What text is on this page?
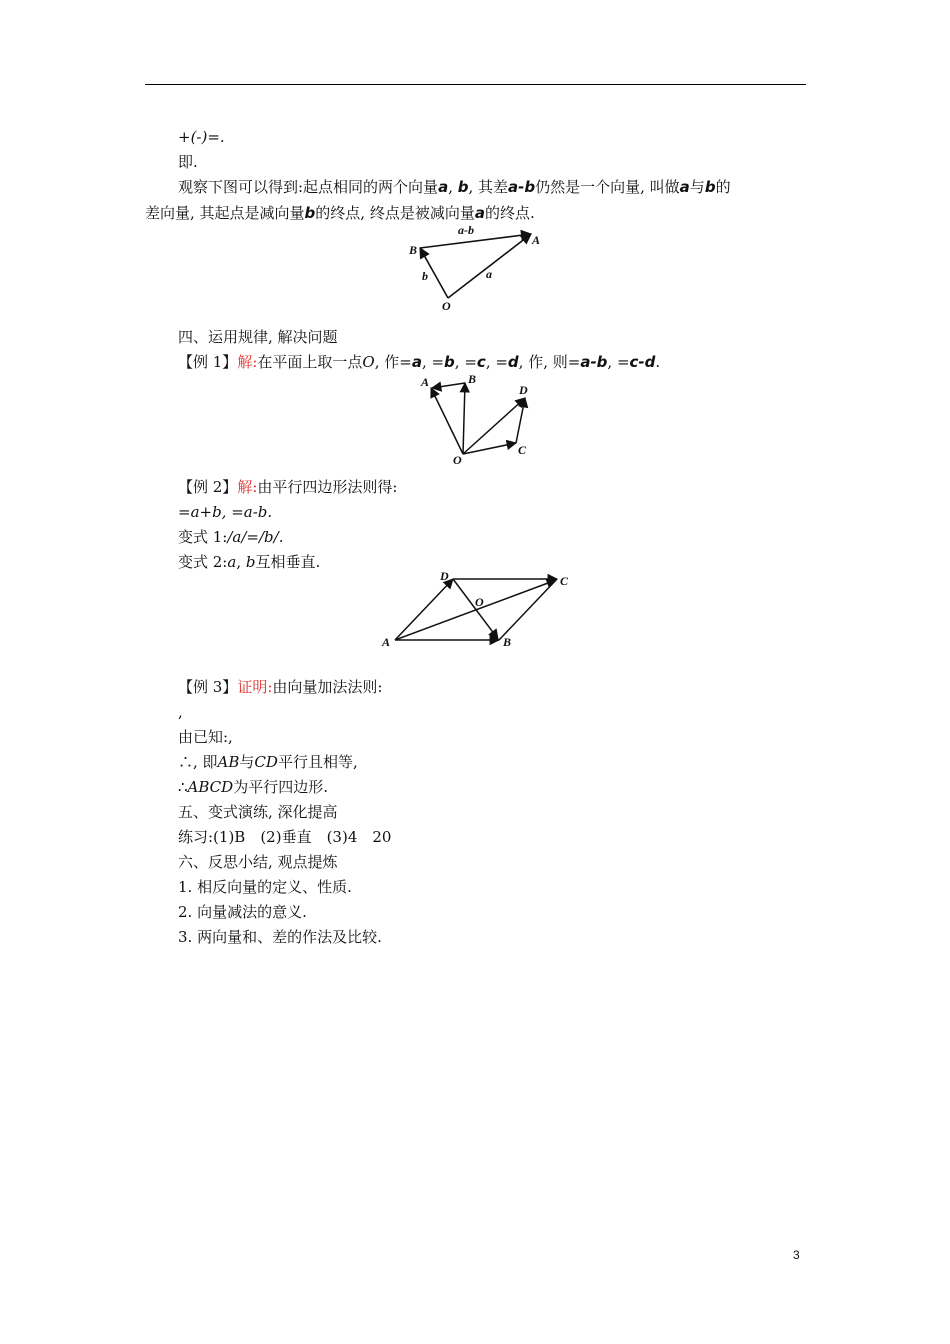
+(-)=.
即.
观察下图可以得到:起点相同的两个向量a, b, 其差a-b仍然是一个向量, 叫做a与b的
差向量, 其起点是减向量b的终点, 终点是被减向量a的终点.
a-b
A
B
b	a
O
四、运用规律, 解决问题
【例 1】解:在平面上取一点O, 作=a, =b, =c, =d, 作, 则=a-b, =c-d.
A	B
D
C
O
【例 2】解:由平行四边形法则得:
=a+b, =a-b.
变式 1:/a/=/b/.
变式 2:a, b互相垂直.
D	C
O
A	B
【例 3】证明:由向量加法法则:
,
由已知:,
∴, 即AB与CD平行且相等,
∴ABCD为平行四边形.
五、变式演练, 深化提高
练习:(1)B　(2)垂直　(3)4　20
六、反思小结, 观点提炼
1. 相反向量的定义、性质.
2. 向量减法的意义.
3. 两向量和、差的作法及比较.
3
